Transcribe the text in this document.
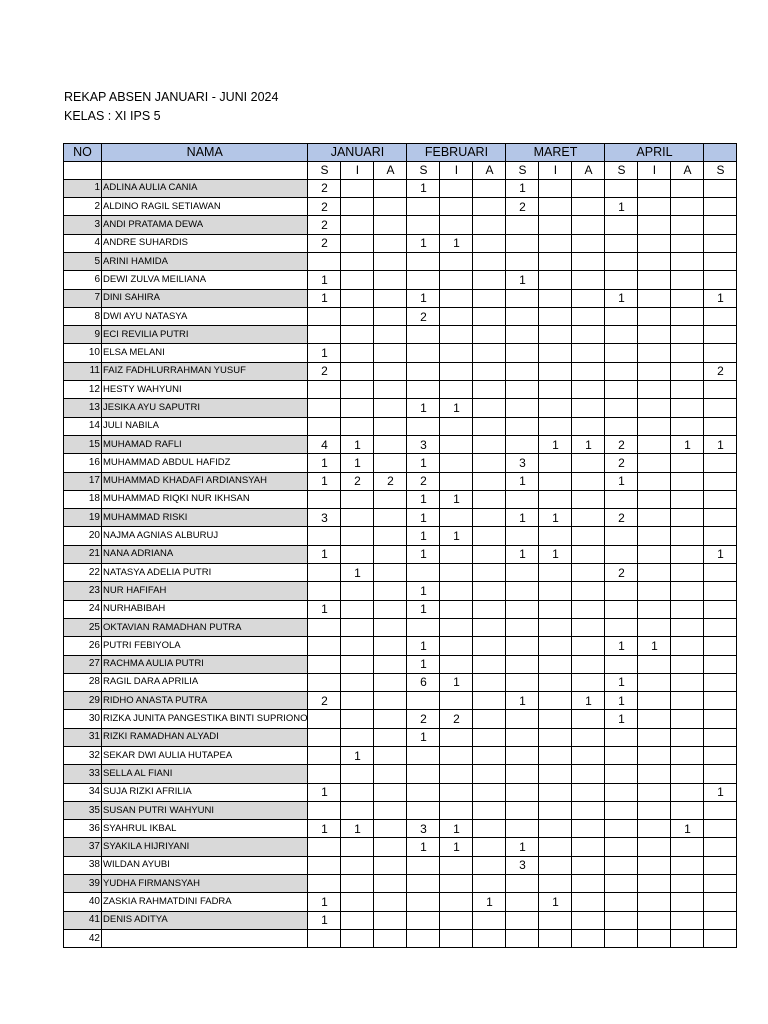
REKAP ABSEN JANUARI - JUNI 2024
KELAS : XI IPS 5
NO	NAMA	JANUARI			FEBRUARI			MARET			APRIL			
		S	I	A	S	I	A	S	I	A	S	I	A	S
1	ADLINA AULIA CANIA	2			1			1						
2	ALDINO RAGIL SETIAWAN	2						2			1			
3	ANDI PRATAMA DEWA	2												
4	ANDRE SUHARDIS	2			1	1								
5	ARINI HAMIDA													
6	DEWI ZULVA MEILIANA	1						1						
7	DINI SAHIRA	1			1						1			1
8	DWI AYU NATASYA				2									
9	ECI REVILIA PUTRI													
10	ELSA MELANI	1												
11	FAIZ FADHLURRAHMAN YUSUF	2												2
12	HESTY WAHYUNI													
13	JESIKA AYU SAPUTRI				1	1								
14	JULI NABILA													
15	MUHAMAD RAFLI	4	1		3				1	1	2		1	1
16	MUHAMMAD ABDUL HAFIDZ	1	1		1			3			2			
17	MUHAMMAD KHADAFI ARDIANSYAH	1	2	2	2			1			1			
18	MUHAMMAD RIQKI NUR IKHSAN				1	1								
19	MUHAMMAD RISKI	3			1			1	1		2			
20	NAJMA AGNIAS ALBURUJ				1	1								
21	NANA ADRIANA	1			1			1	1					1
22	NATASYA ADELIA PUTRI		1								2			
23	NUR HAFIFAH				1									
24	NURHABIBAH	1			1									
25	OKTAVIAN RAMADHAN PUTRA													
26	PUTRI FEBIYOLA				1						1	1		
27	RACHMA AULIA PUTRI				1									
28	RAGIL DARA APRILIA				6	1					1			
29	RIDHO ANASTA PUTRA	2						1		1	1			
30	RIZKA JUNITA PANGESTIKA BINTI SUPRIONO				2	2					1			
31	RIZKI RAMADHAN ALYADI				1									
32	SEKAR DWI AULIA HUTAPEA		1											
33	SELLA AL FIANI													
34	SUJA RIZKI AFRILIA	1												1
35	SUSAN PUTRI WAHYUNI													
36	SYAHRUL IKBAL	1	1		3	1							1	
37	SYAKILA HIJRIYANI				1	1		1						
38	WILDAN AYUBI							3						
39	YUDHA FIRMANSYAH													
40	ZASKIA RAHMATDINI FADRA	1					1		1					
41	DENIS ADITYA	1												
42														
